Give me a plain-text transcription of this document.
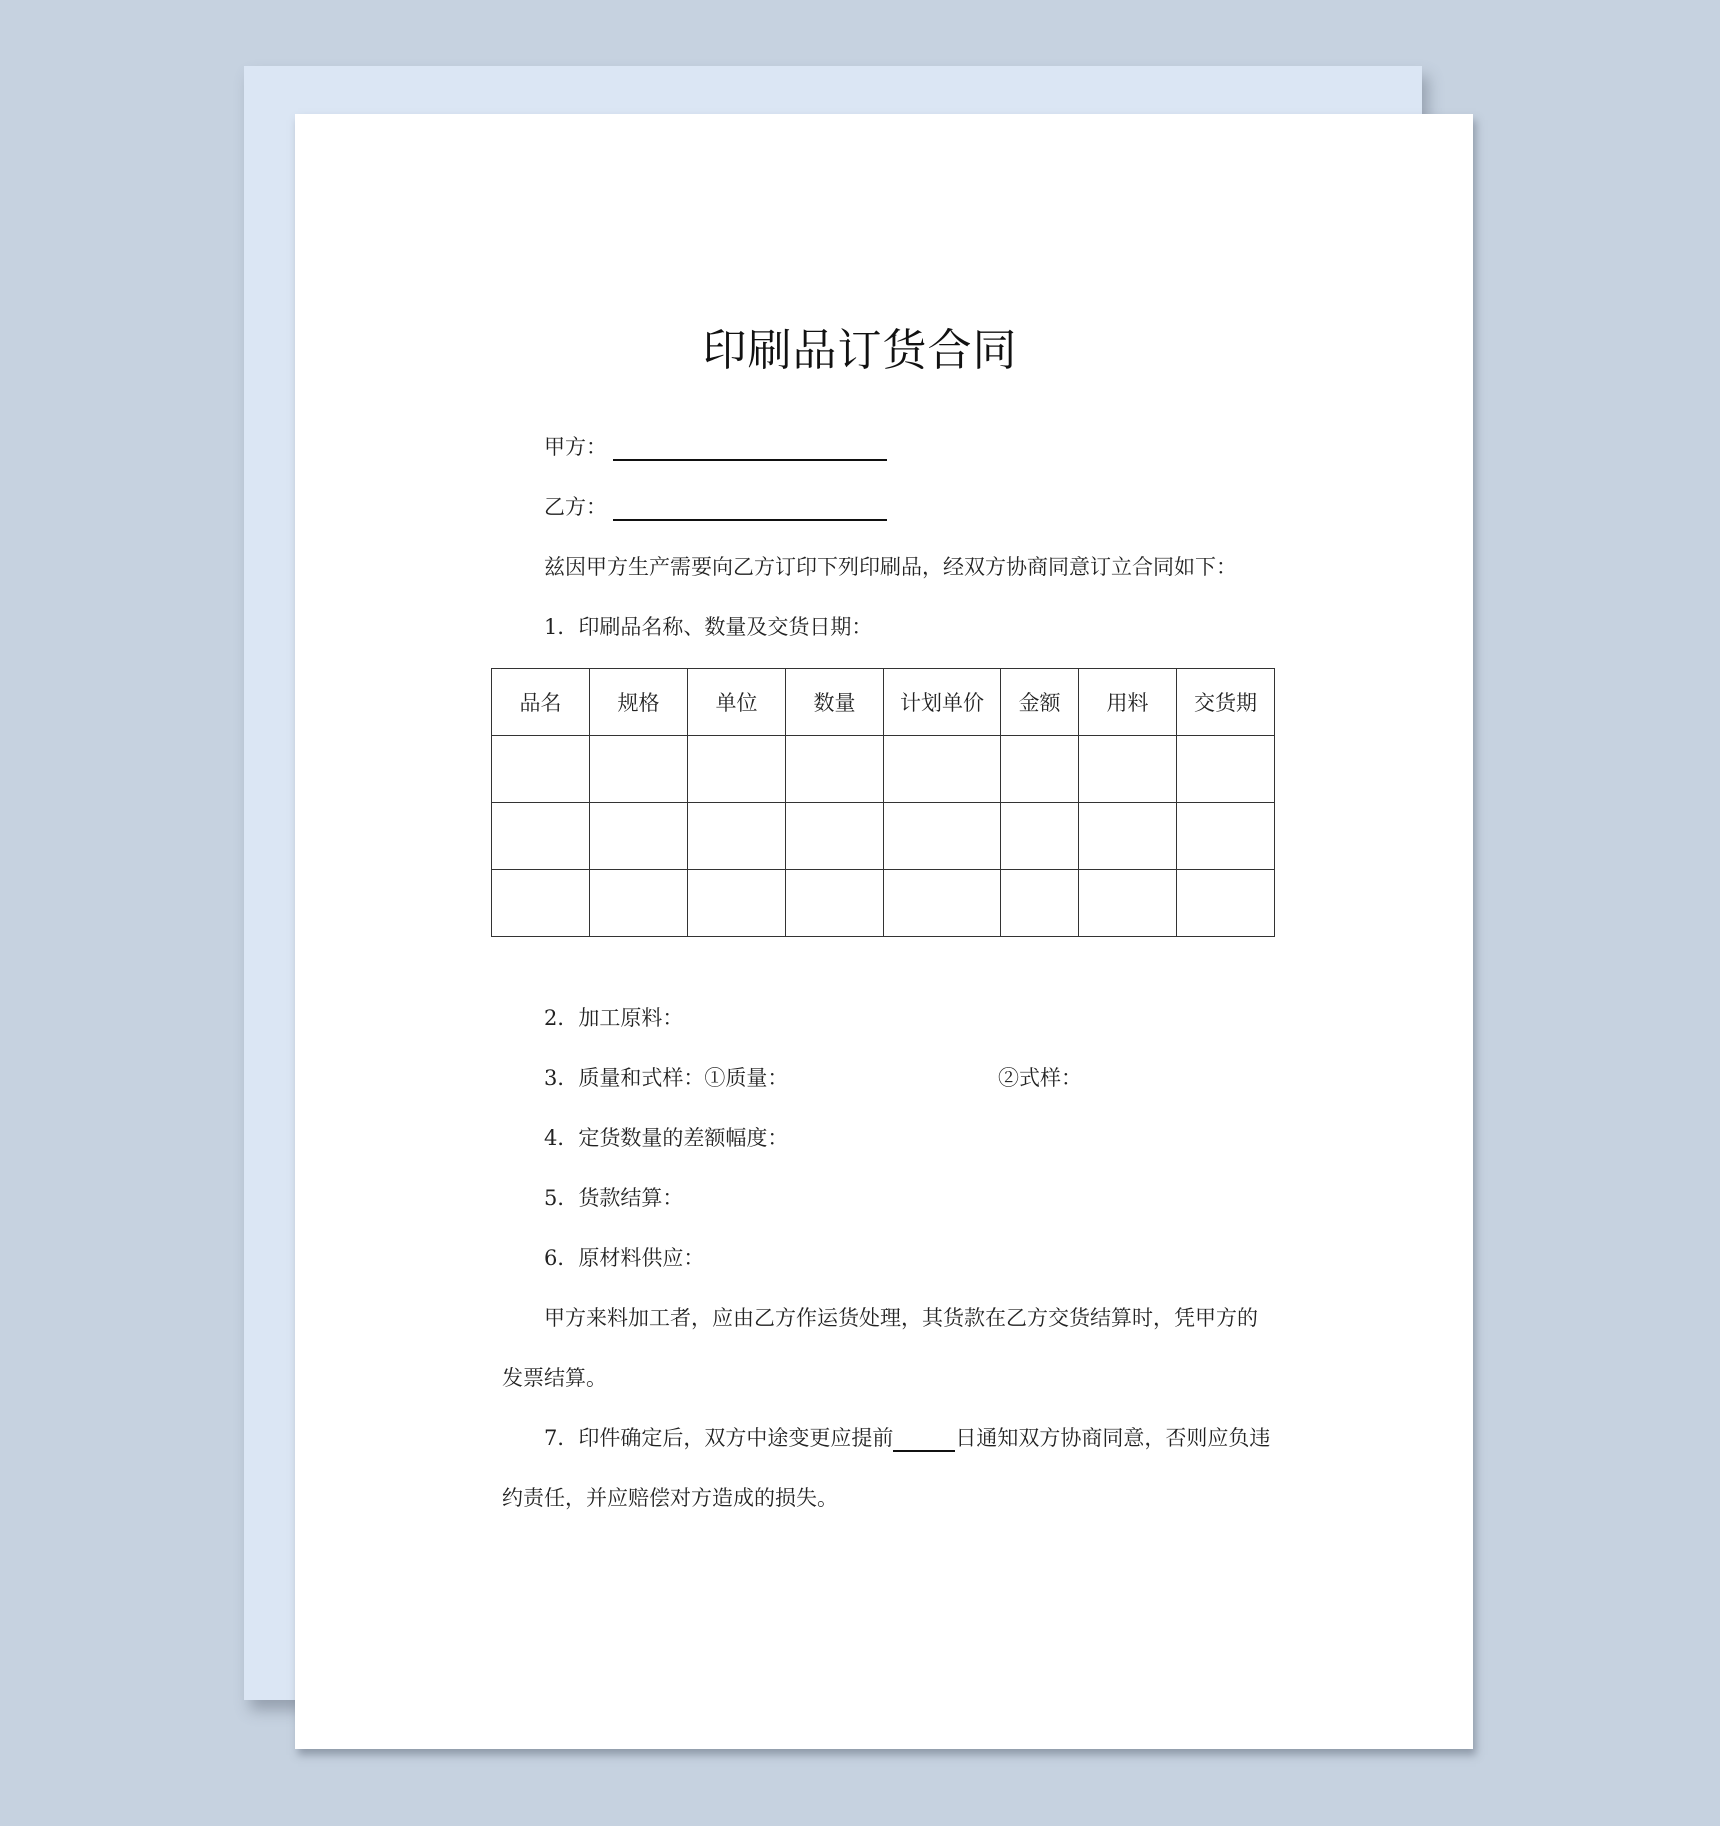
印刷品订货合同
甲方：
乙方：
兹因甲方生产需要向乙方订印下列印刷品，经双方协商同意订立合同如下：
1．印刷品名称、数量及交货日期：
品名	规格	单位	数量	计划单价	金额	用料	交货期

2．加工原料：
3．质量和式样：①质量：	②式样：
4．定货数量的差额幅度：
5．货款结算：
6．原材料供应：
甲方来料加工者，应由乙方作运货处理，其货款在乙方交货结算时，凭甲方的
发票结算。
7．印件确定后，双方中途变更应提前	日通知双方协商同意，否则应负违
约责任，并应赔偿对方造成的损失。
